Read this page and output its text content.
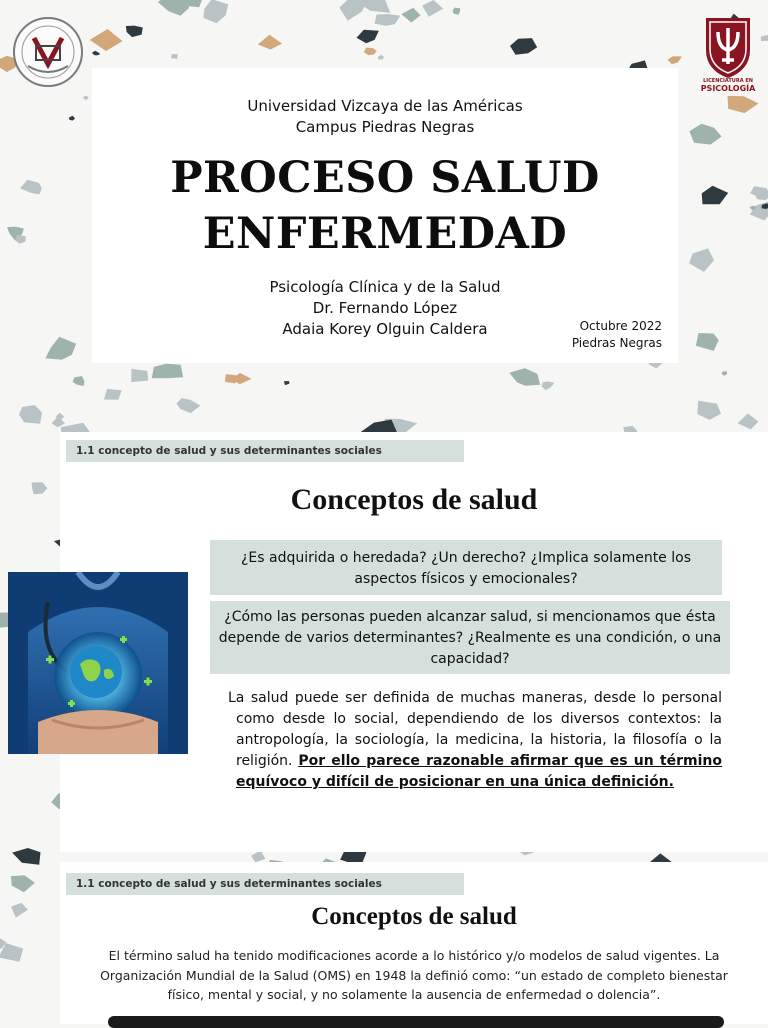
LICENCIATURA EN
PSICOLOGÍA
Universidad Vizcaya de las Américas
Campus Piedras Negras
PROCESO SALUD
ENFERMEDAD
Psicología Clínica y de la Salud
Dr. Fernando López
Adaia Korey Olguin Caldera	Octubre 2022
Piedras Negras
1.1 concepto de salud y sus determinantes sociales
Conceptos de salud
¿Es adquirida o heredada? ¿Un derecho? ¿Implica solamente los aspectos físicos y emocionales?
¿Cómo las personas pueden alcanzar salud, si mencionamos que ésta depende de varios determinantes? ¿Realmente es una condición, o una capacidad?
La salud puede ser definida de muchas maneras, desde lo personal como desde lo social, dependiendo de los diversos contextos: la antropología, la sociología, la medicina, la historia, la filosofía o la religión. Por ello parece razonable afirmar que es un término equívoco y difícil de posicionar en una única definición.
1.1 concepto de salud y sus determinantes sociales
Conceptos de salud
El término salud ha tenido modificaciones acorde a lo histórico y/o modelos de salud vigentes. La Organización Mundial de la Salud (OMS) en 1948 la definió como: “un estado de completo bienestar físico, mental y social, y no solamente la ausencia de enfermedad o dolencia”.
